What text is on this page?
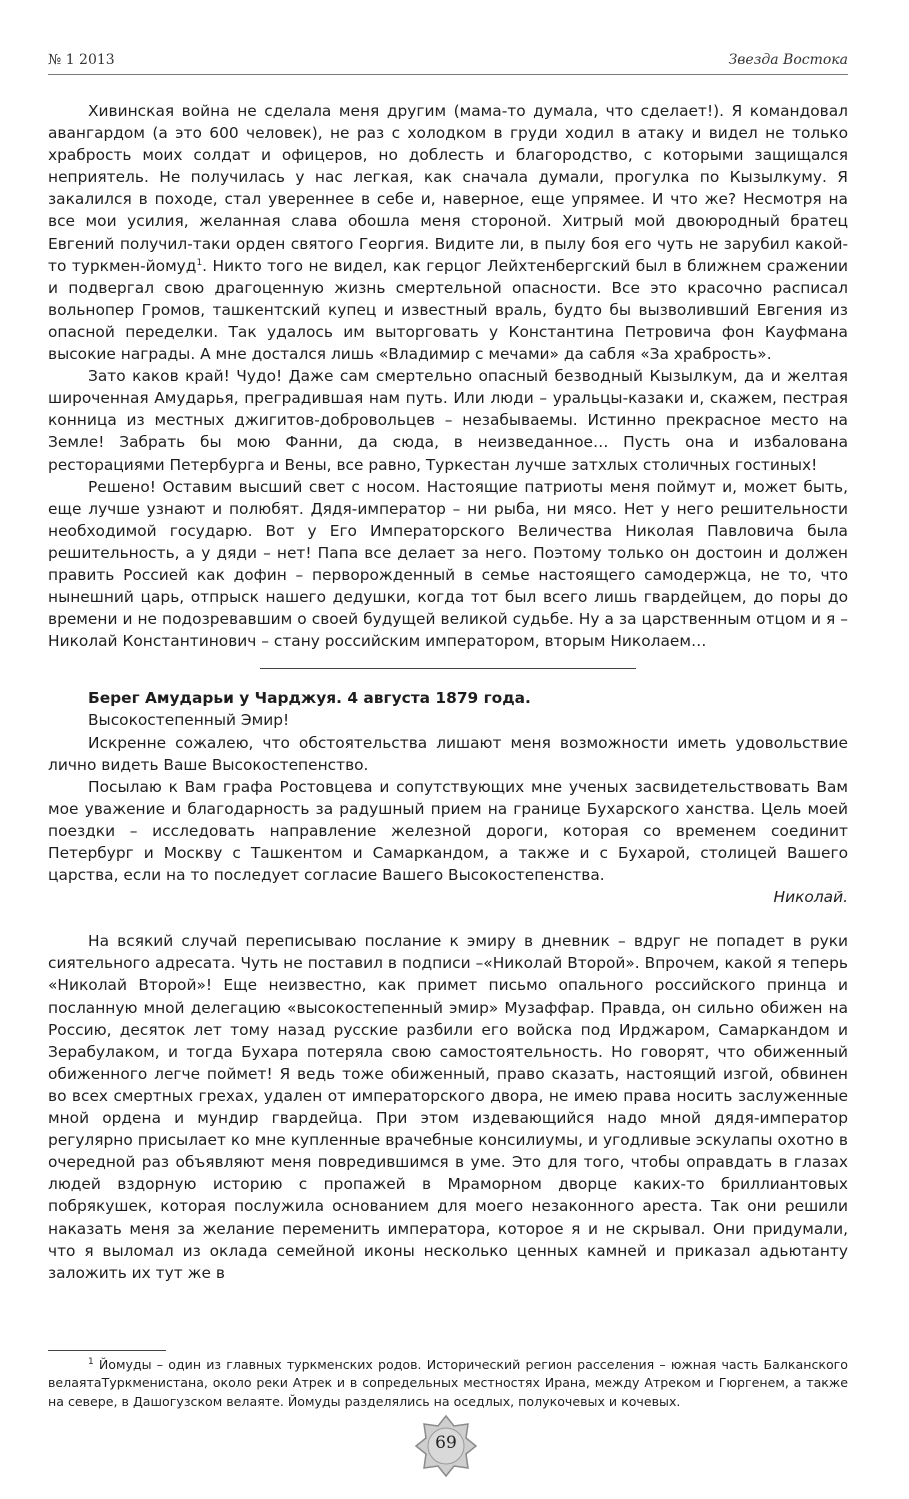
№ 1 2013	Звезда Востока

Хивинская война не сделала меня другим (мама-то думала, что сделает!). Я командовал авангардом (а это 600 человек), не раз с холодком в груди ходил в атаку и видел не только храбрость моих солдат и офицеров, но доблесть и благородство, с которыми защищался неприятель. Не получилась у нас легкая, как сначала думали, прогулка по Кызылкуму. Я закалился в походе, стал увереннее в себе и, наверное, еще упрямее. И что же? Несмотря на все мои усилия, желанная слава обошла меня стороной. Хитрый мой двоюродный братец Евгений получил-таки орден святого Георгия. Видите ли, в пылу боя его чуть не зарубил какой-то туркмен-йомуд$^1$. Никто того не видел, как герцог Лейхтенбергский был в ближнем сражении и подвергал свою драгоценную жизнь смертельной опасности. Все это красочно расписал вольнопер Громов, ташкентский купец и известный враль, будто бы вызволивший Евгения из опасной переделки. Так удалось им выторговать у Константина Петровича фон Кауфмана высокие награды. А мне достался лишь «Владимир с мечами» да сабля «За храбрость».

Зато каков край! Чудо! Даже сам смертельно опасный безводный Кызылкум, да и желтая широченная Амударья, преградившая нам путь. Или люди – уральцы-казаки и, скажем, пестрая конница из местных джигитов-добровольцев – незабываемы. Истинно прекрасное место на Земле! Забрать бы мою Фанни, да сюда, в неизведанное… Пусть она и избалована ресторациями Петербурга и Вены, все равно, Туркестан лучше затхлых столичных гостиных!

Решено! Оставим высший свет с носом. Настоящие патриоты меня поймут и, может быть, еще лучше узнают и полюбят. Дядя-император – ни рыба, ни мясо. Нет у него решительности необходимой государю. Вот у Его Императорского Величества Николая Павловича была решительность, а у дяди – нет! Папа все делает за него. Поэтому только он достоин и должен править Россией как дофин – перворожденный в семье настоящего самодержца, не то, что нынешний царь, отпрыск нашего дедушки, когда тот был всего лишь гвардейцем, до поры до времени и не подозревавшим о своей будущей великой судьбе. Ну а за царственным отцом и я – Николай Константинович – стану российским императором, вторым Николаем…

Берег Амударьи у Чарджуя. 4 августа 1879 года.

Высокостепенный Эмир!

Искренне сожалею, что обстоятельства лишают меня возможности иметь удовольствие лично видеть Ваше Высокостепенство.

Посылаю к Вам графа Ростовцева и сопутствующих мне ученых засвидетельствовать Вам мое уважение и благодарность за радушный прием на границе Бухарского ханства. Цель моей поездки – исследовать направление железной дороги, которая со временем соединит Петербург и Москву с Ташкентом и Самаркандом, а также и с Бухарой, столицей Вашего царства, если на то последует согласие Вашего Высокостепенства.

Николай.

На всякий случай переписываю послание к эмиру в дневник – вдруг не попадет в руки сиятельного адресата. Чуть не поставил в подписи –«Николай Второй». Впрочем, какой я теперь «Николай Второй»! Еще неизвестно, как примет письмо опального российского принца и посланную мной делегацию «высокостепенный эмир» Музаффар. Правда, он сильно обижен на Россию, десяток лет тому назад русские разбили его войска под Ирджаром, Самаркандом и Зерабулаком, и тогда Бухара потеряла свою самостоятельность. Но говорят, что обиженный обиженного легче поймет! Я ведь тоже обиженный, право сказать, настоящий изгой, обвинен во всех смертных грехах, удален от императорского двора, не имею права носить заслуженные мной ордена и мундир гвардейца. При этом издевающийся надо мной дядя-император регулярно присылает ко мне купленные врачебные консилиумы, и угодливые эскулапы охотно в очередной раз объявляют меня повредившимся в уме. Это для того, чтобы оправдать в глазах людей вздорную историю с пропажей в Мраморном дворце каких-то бриллиантовых побрякушек, которая послужила основанием для моего незаконного ареста. Так они решили наказать меня за желание переменить императора, которое я и не скрывал. Они придумали, что я выломал из оклада семейной иконы несколько ценных камней и приказал адьютанту заложить их тут же в

$^1$ Йомуды – один из главных туркменских родов. Исторический регион расселения – южная часть Балканского велаятаТуркменистана, около реки Атрек и в сопредельных местностях Ирана, между Атреком и Гюргенем, а также на севере, в Дашогузском велаяте. Йомуды разделялись на оседлых, полукочевых и кочевых.

69
